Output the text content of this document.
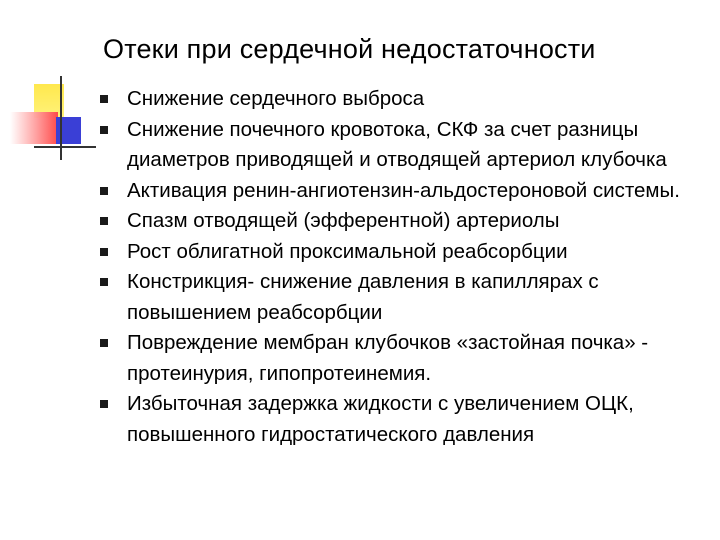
Отеки при сердечной недостаточности
Снижение сердечного выброса
Снижение почечного кровотока, СКФ за счет разницы диаметров приводящей и отводящей артериол клубочка
Активация ренин-ангиотензин-альдостероновой системы.
Спазм отводящей (эфферентной) артериолы
Рост облигатной проксимальной реабсорбции
Констрикция- снижение давления в капиллярах с повышением реабсорбции
Повреждение мембран клубочков «застойная почка» - протеинурия, гипопротеинемия.
Избыточная задержка жидкости с увеличением ОЦК, повышенного гидростатического давления
